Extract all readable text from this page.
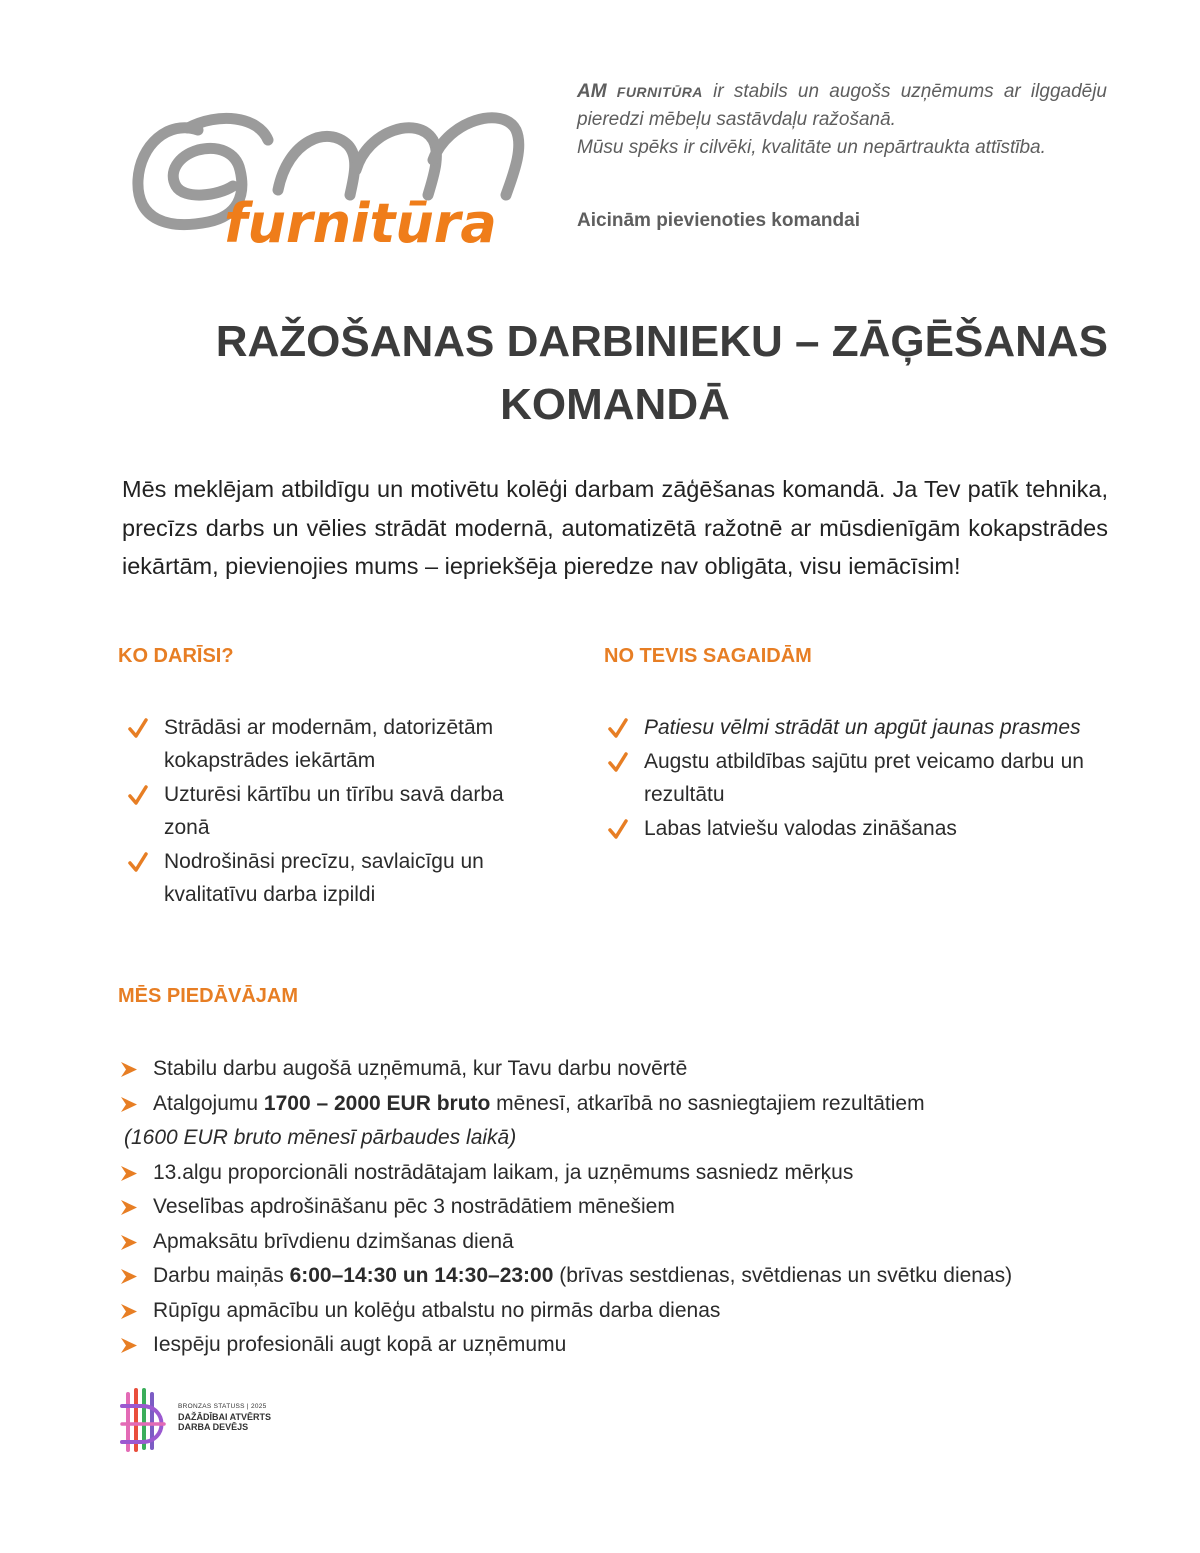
furnitūra

AM FURNITŪRA ir stabils un augošs uzņēmums ar ilggadēju pieredzi mēbeļu sastāvdaļu ražošanā.

Mūsu spēks ir cilvēki, kvalitāte un nepārtraukta attīstība.

Aicinām pievienoties komandai
RAŽOŠANAS DARBINIEKU – ZĀĢĒŠANAS
KOMANDĀ

Mēs meklējam atbildīgu un motivētu kolēģi darbam zāģēšanas komandā. Ja Tev patīk tehnika, precīzs darbs un vēlies strādāt modernā, automatizētā ražotnē ar mūsdienīgām kokapstrādes iekārtām, pievienojies mums – iepriekšēja pieredze nav obligāta, visu iemācīsim!

KO DARĪSI?
Strādāsi ar modernām, datorizētām kokapstrādes iekārtām
Uzturēsi kārtību un tīrību savā darba zonā
Nodrošināsi precīzu, savlaicīgu un kvalitatīvu darba izpildi
NO TEVIS SAGAIDĀM
Patiesu vēlmi strādāt un apgūt jaunas prasmes
Augstu atbildības sajūtu pret veicamo darbu un rezultātu
Labas latviešu valodas zināšanas
MĒS PIEDĀVĀJAM
Stabilu darbu augošā uzņēmumā, kur Tavu darbu novērtē
Atalgojumu 1700 – 2000 EUR bruto mēnesī, atkarībā no sasniegtajiem rezultātiem
(1600 EUR bruto mēnesī pārbaudes laikā)
13.algu proporcionāli nostrādātajam laikam, ja uzņēmums sasniedz mērķus
Veselības apdrošināšanu pēc 3 nostrādātiem mēnešiem
Apmaksātu brīvdienu dzimšanas dienā
Darbu maiņās 6:00–14:30 un 14:30–23:00 (brīvas sestdienas, svētdienas un svētku dienas)
Rūpīgu apmācību un kolēģu atbalstu no pirmās darba dienas
Iespēju profesionāli augt kopā ar uzņēmumu
BRONZAS STATUSS | 2025
DAŽĀDĪBAI ATVĒRTS
DARBA DEVĒJS
